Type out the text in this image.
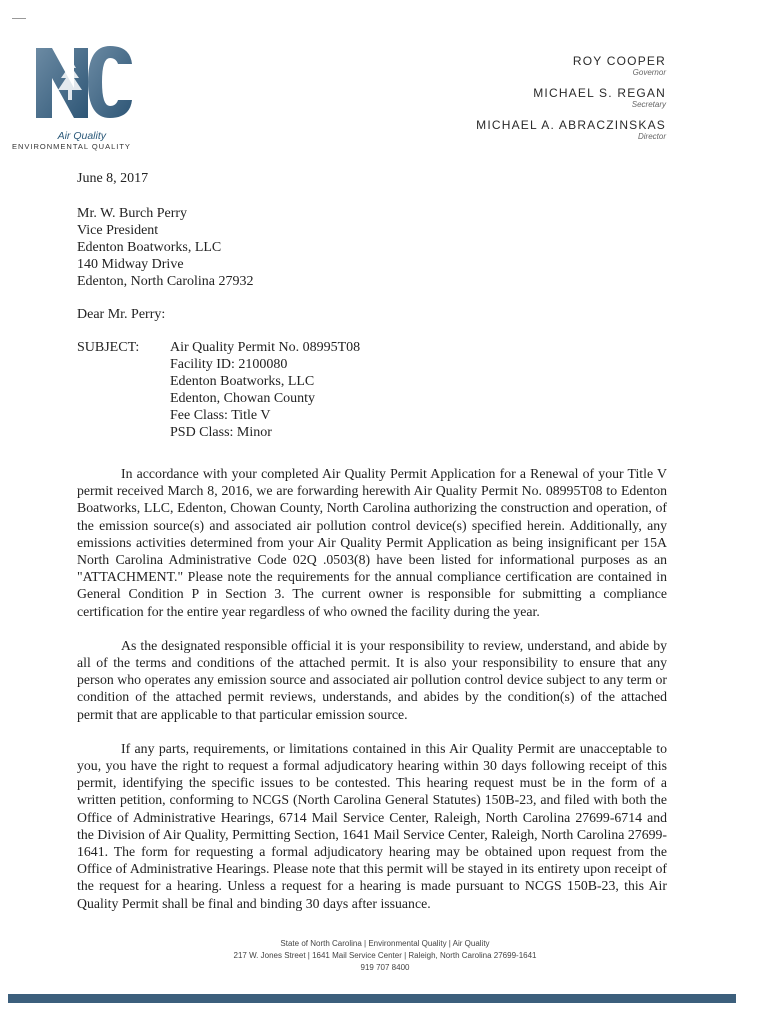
Air Quality
ENVIRONMENTAL QUALITY
ROY COOPER
Governor
MICHAEL S. REGAN
Secretary
MICHAEL A. ABRACZINSKAS
Director
June 8, 2017
Mr. W. Burch Perry
Vice President
Edenton Boatworks, LLC
140 Midway Drive
Edenton, North Carolina 27932
Dear Mr. Perry:
SUBJECT:	Air Quality Permit No. 08995T08
Facility ID: 2100080
Edenton Boatworks, LLC
Edenton, Chowan County
Fee Class: Title V
PSD Class: Minor

In accordance with your completed Air Quality Permit Application for a Renewal of your Title V permit received March 8, 2016, we are forwarding herewith Air Quality Permit No. 08995T08 to Edenton Boatworks, LLC, Edenton, Chowan County, North Carolina authorizing the construction and operation, of the emission source(s) and associated air pollution control device(s) specified herein. Additionally, any emissions activities determined from your Air Quality Permit Application as being insignificant per 15A North Carolina Administrative Code 02Q .0503(8) have been listed for informational purposes as an "ATTACHMENT." Please note the requirements for the annual compliance certification are contained in General Condition P in Section 3. The current owner is responsible for submitting a compliance certification for the entire year regardless of who owned the facility during the year.

As the designated responsible official it is your responsibility to review, understand, and abide by all of the terms and conditions of the attached permit. It is also your responsibility to ensure that any person who operates any emission source and associated air pollution control device subject to any term or condition of the attached permit reviews, understands, and abides by the condition(s) of the attached permit that are applicable to that particular emission source.

If any parts, requirements, or limitations contained in this Air Quality Permit are unacceptable to you, you have the right to request a formal adjudicatory hearing within 30 days following receipt of this permit, identifying the specific issues to be contested. This hearing request must be in the form of a written petition, conforming to NCGS (North Carolina General Statutes) 150B-23, and filed with both the Office of Administrative Hearings, 6714 Mail Service Center, Raleigh, North Carolina 27699-6714 and the Division of Air Quality, Permitting Section, 1641 Mail Service Center, Raleigh, North Carolina 27699-1641. The form for requesting a formal adjudicatory hearing may be obtained upon request from the Office of Administrative Hearings. Please note that this permit will be stayed in its entirety upon receipt of the request for a hearing. Unless a request for a hearing is made pursuant to NCGS 150B-23, this Air Quality Permit shall be final and binding 30 days after issuance.

State of North Carolina | Environmental Quality | Air Quality
217 W. Jones Street | 1641 Mail Service Center | Raleigh, North Carolina 27699-1641
919 707 8400
